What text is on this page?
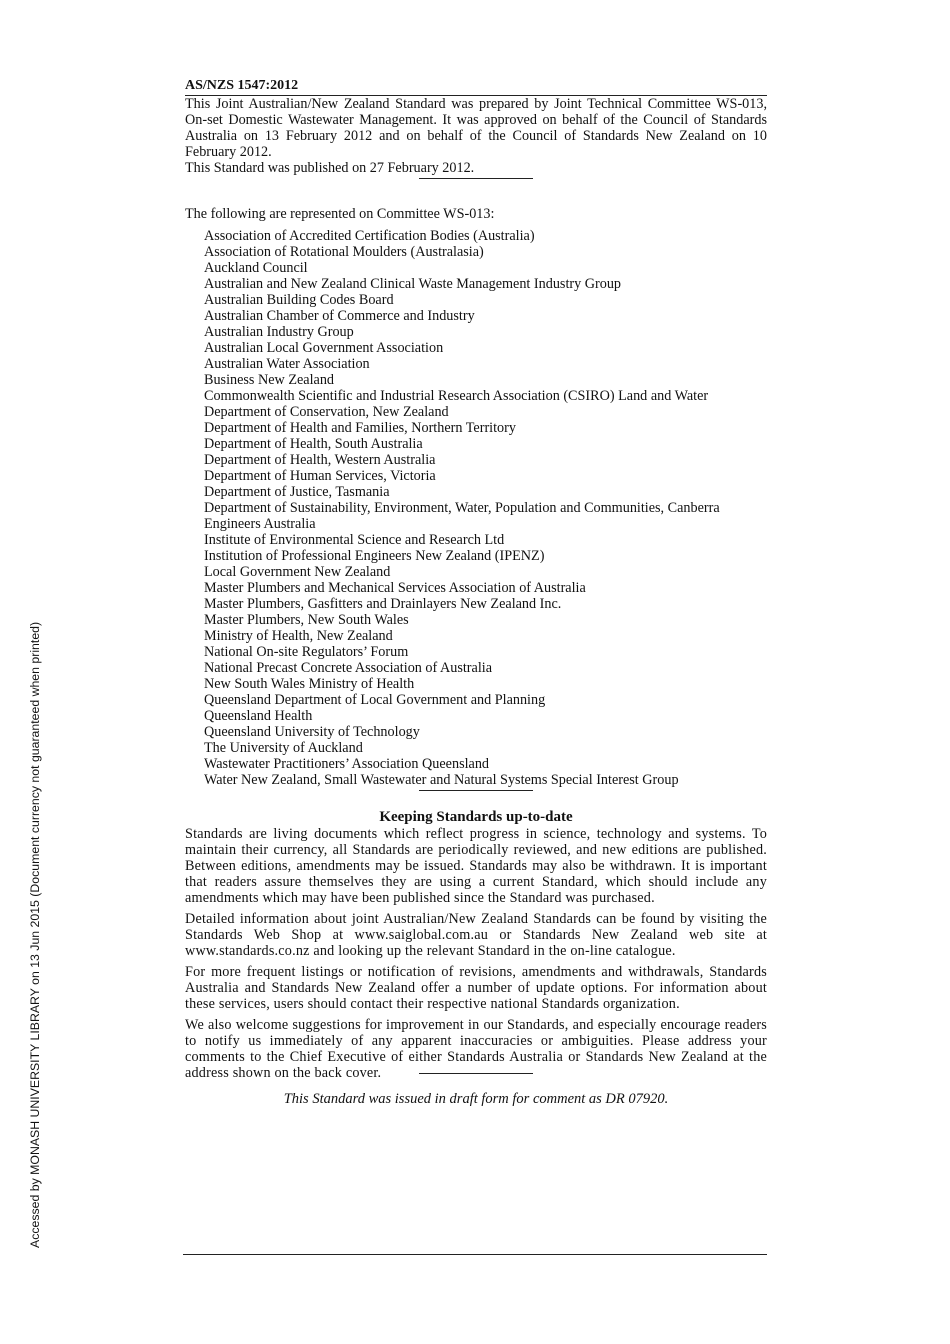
AS/NZS 1547:2012

This Joint Australian/New Zealand Standard was prepared by Joint Technical Committee WS-013, On-set Domestic Wastewater Management. It was approved on behalf of the Council of Standards Australia on 13 February 2012 and on behalf of the Council of Standards New Zealand on 10 February 2012.

This Standard was published on 27 February 2012.

The following are represented on Committee WS-013:
Association of Accredited Certification Bodies (Australia)
Association of Rotational Moulders (Australasia)
Auckland Council
Australian and New Zealand Clinical Waste Management Industry Group
Australian Building Codes Board
Australian Chamber of Commerce and Industry
Australian Industry Group
Australian Local Government Association
Australian Water Association
Business New Zealand
Commonwealth Scientific and Industrial Research Association (CSIRO) Land and Water
Department of Conservation, New Zealand
Department of Health and Families, Northern Territory
Department of Health, South Australia
Department of Health, Western Australia
Department of Human Services, Victoria
Department of Justice, Tasmania
Department of Sustainability, Environment, Water, Population and Communities, Canberra
Engineers Australia
Institute of Environmental Science and Research Ltd
Institution of Professional Engineers New Zealand (IPENZ)
Local Government New Zealand
Master Plumbers and Mechanical Services Association of Australia
Master Plumbers, Gasfitters and Drainlayers New Zealand Inc.
Master Plumbers, New South Wales
Ministry of Health, New Zealand
National On-site Regulators’ Forum
National Precast Concrete Association of Australia
New South Wales Ministry of Health
Queensland Department of Local Government and Planning
Queensland Health
Queensland University of Technology
The University of Auckland
Wastewater Practitioners’ Association Queensland
Water New Zealand, Small Wastewater and Natural Systems Special Interest Group
Keeping Standards up-to-date

Standards are living documents which reflect progress in science, technology and systems. To maintain their currency, all Standards are periodically reviewed, and new editions are published. Between editions, amendments may be issued. Standards may also be withdrawn. It is important that readers assure themselves they are using a current Standard, which should include any amendments which may have been published since the Standard was purchased.

Detailed information about joint Australian/New Zealand Standards can be found by visiting the Standards Web Shop at www.saiglobal.com.au or Standards New Zealand web site at www.standards.co.nz and looking up the relevant Standard in the on-line catalogue.

For more frequent listings or notification of revisions, amendments and withdrawals, Standards Australia and Standards New Zealand offer a number of update options. For information about these services, users should contact their respective national Standards organization.

We also welcome suggestions for improvement in our Standards, and especially encourage readers to notify us immediately of any apparent inaccuracies or ambiguities. Please address your comments to the Chief Executive of either Standards Australia or Standards New Zealand at the address shown on the back cover.

This Standard was issued in draft form for comment as DR 07920.
Accessed by MONASH UNIVERSITY LIBRARY on 13 Jun 2015 (Document currency not guaranteed when printed)
